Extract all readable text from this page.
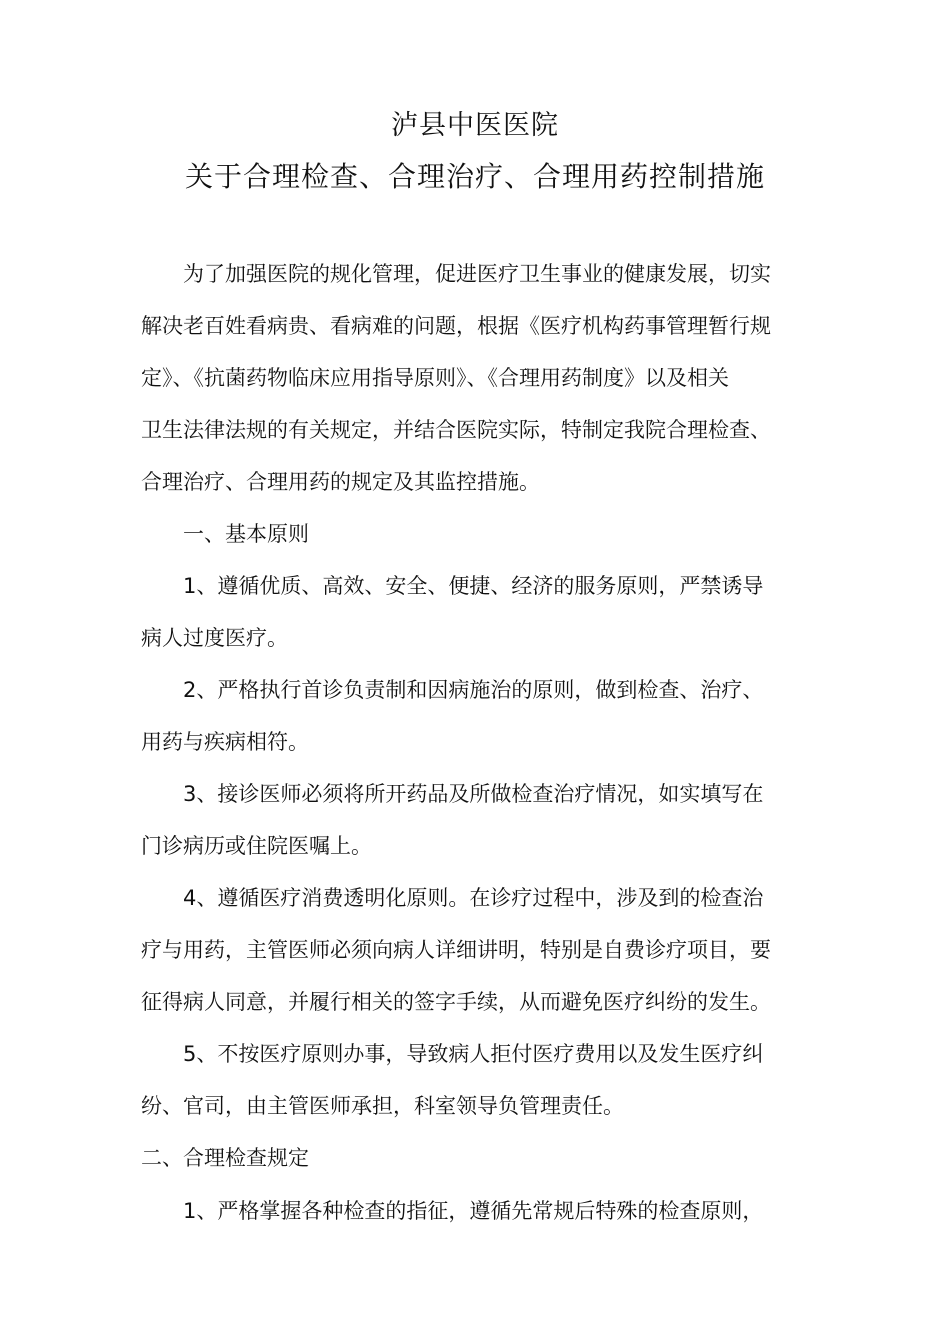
泸县中医医院
关于合理检查、合理治疗、合理用药控制措施
为了加强医院的规化管理，促进医疗卫生事业的健康发展，切实
解决老百姓看病贵、看病难的问题，根据《医疗机构药事管理暂行规
定》、《抗菌药物临床应用指导原则》、《合理用药制度》以及相关
卫生法律法规的有关规定，并结合医院实际，特制定我院合理检查、
合理治疗、合理用药的规定及其监控措施。
一、基本原则
1、遵循优质、高效、安全、便捷、经济的服务原则，严禁诱导
病人过度医疗。
2、严格执行首诊负责制和因病施治的原则，做到检查、治疗、
用药与疾病相符。
3、接诊医师必须将所开药品及所做检查治疗情况，如实填写在
门诊病历或住院医嘱上。
4、遵循医疗消费透明化原则。在诊疗过程中，涉及到的检查治
疗与用药，主管医师必须向病人详细讲明，特别是自费诊疗项目，要
征得病人同意，并履行相关的签字手续，从而避免医疗纠纷的发生。
5、不按医疗原则办事，导致病人拒付医疗费用以及发生医疗纠
纷、官司，由主管医师承担，科室领导负管理责任。
二、合理检查规定
1、严格掌握各种检查的指征，遵循先常规后特殊的检查原则，
